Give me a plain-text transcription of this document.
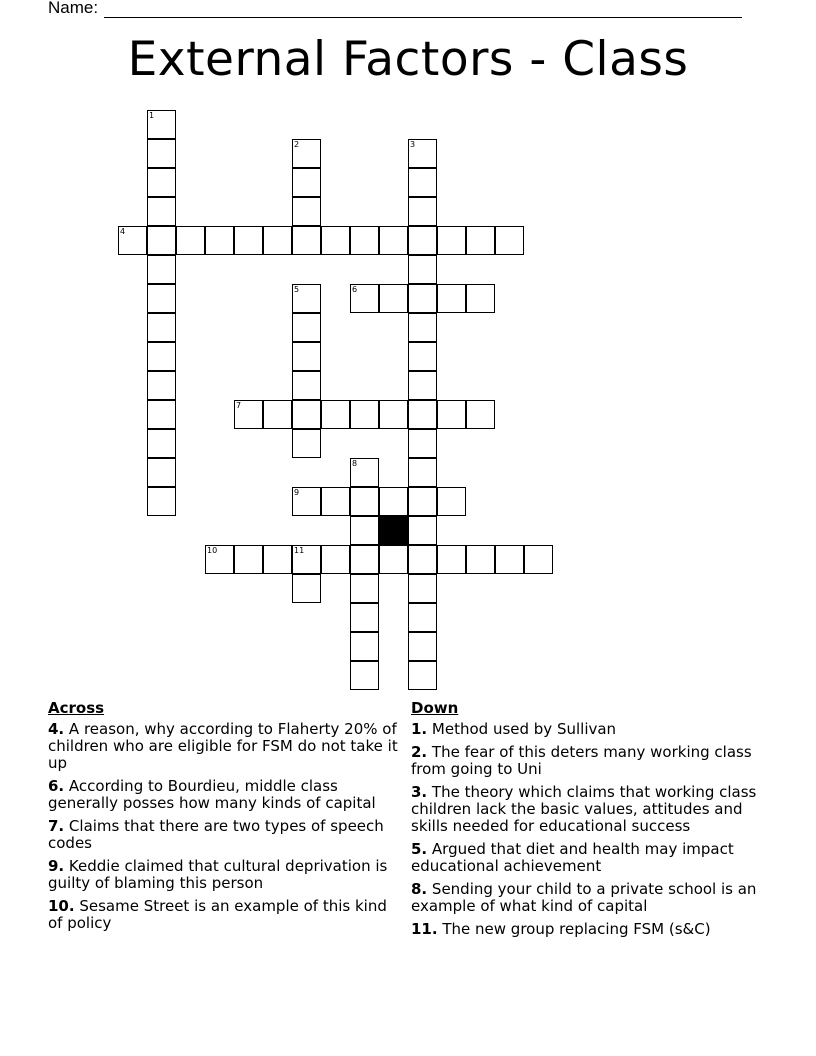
Name:
External Factors - Class
1
2	3
4
5	6
7
8
9
10	11
Across
4. A reason, why according to Flaherty 20% of children who are eligible for FSM do not take it up
6. According to Bourdieu, middle class generally posses how many kinds of capital
7. Claims that there are two types of speech codes
9. Keddie claimed that cultural deprivation is guilty of blaming this person
10. Sesame Street is an example of this kind of policy
Down
1. Method used by Sullivan
2. The fear of this deters many working class from going to Uni
3. The theory which claims that working class children lack the basic values, attitudes and skills needed for educational success
5. Argued that diet and health may impact educational achievement
8. Sending your child to a private school is an example of what kind of capital
11. The new group replacing FSM (s&C)
